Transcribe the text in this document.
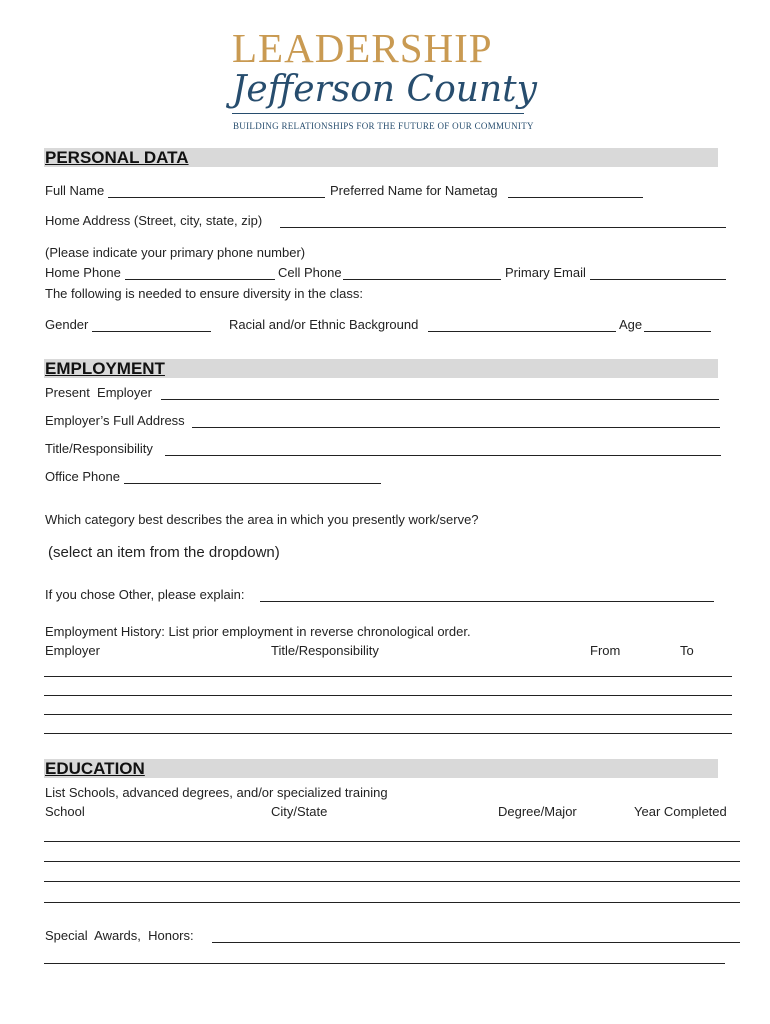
LEADERSHIP
Jefferson County
BUILDING RELATIONSHIPS FOR THE FUTURE OF OUR COMMUNITY
PERSONAL DATA
Full Name	Preferred Name for Nametag
Home Address (Street, city, state, zip)
(Please indicate your primary phone number)
Home Phone	Cell Phone	Primary Email
The following is needed to ensure diversity in the class:
Gender	Racial and/or Ethnic Background	Age
EMPLOYMENT
Present  Employer
Employer’s Full Address
Title/Responsibility
Office Phone
Which category best describes the area in which you presently work/serve?
(select an item from the dropdown)
If you chose Other, please explain:
Employment History: List prior employment in reverse chronological order.
Employer	Title/Responsibility	From	To
EDUCATION
List Schools, advanced degrees, and/or specialized training
School	City/State	Degree/Major	Year Completed
Special  Awards,  Honors:
